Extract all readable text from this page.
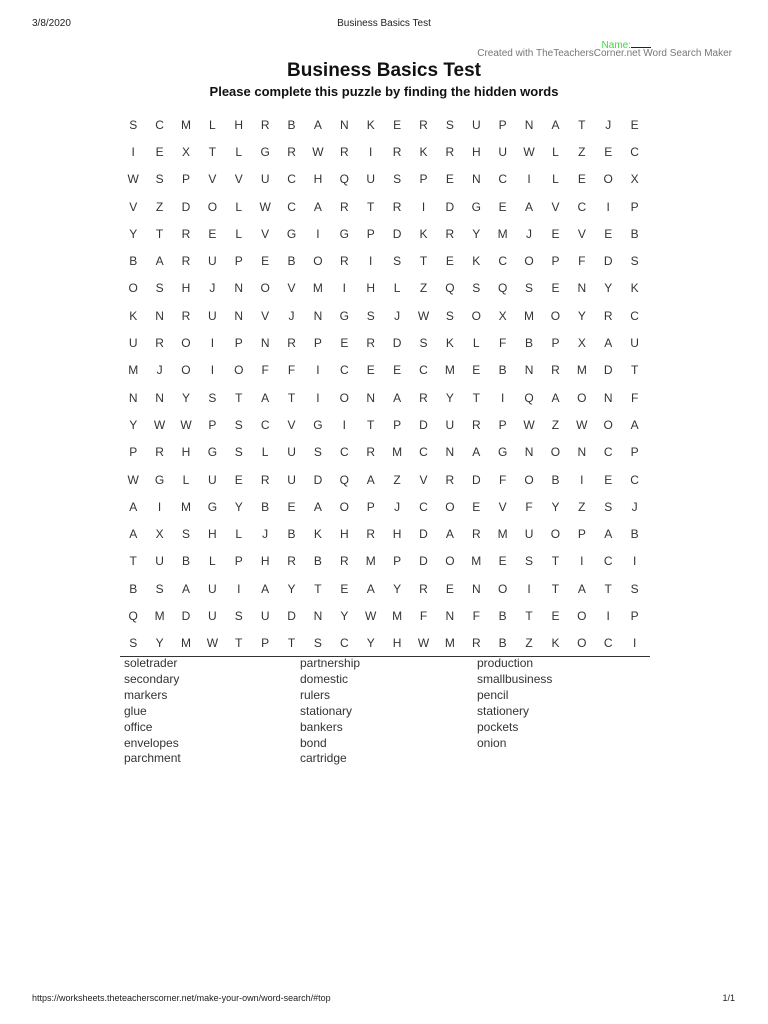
3/8/2020	Business Basics Test
Name:
Created with TheTeachersCorner.net Word Search Maker
Business Basics Test
Please complete this puzzle by finding the hidden words
S	C	M	L	H	R	B	A	N	K	E	R	S	U	P	N	A	T	J	E
I	E	X	T	L	G	R	W	R	I	R	K	R	H	U	W	L	Z	E	C
W	S	P	V	V	U	C	H	Q	U	S	P	E	N	C	I	L	E	O	X
V	Z	D	O	L	W	C	A	R	T	R	I	D	G	E	A	V	C	I	P
Y	T	R	E	L	V	G	I	G	P	D	K	R	Y	M	J	E	V	E	B
B	A	R	U	P	E	B	O	R	I	S	T	E	K	C	O	P	F	D	S
O	S	H	J	N	O	V	M	I	H	L	Z	Q	S	Q	S	E	N	Y	K
K	N	R	U	N	V	J	N	G	S	J	W	S	O	X	M	O	Y	R	C
U	R	O	I	P	N	R	P	E	R	D	S	K	L	F	B	P	X	A	U
M	J	O	I	O	F	F	I	C	E	E	C	M	E	B	N	R	M	D	T
N	N	Y	S	T	A	T	I	O	N	A	R	Y	T	I	Q	A	O	N	F
Y	W	W	P	S	C	V	G	I	T	P	D	U	R	P	W	Z	W	O	A
P	R	H	G	S	L	U	S	C	R	M	C	N	A	G	N	O	N	C	P
W	G	L	U	E	R	U	D	Q	A	Z	V	R	D	F	O	B	I	E	C
A	I	M	G	Y	B	E	A	O	P	J	C	O	E	V	F	Y	Z	S	J
A	X	S	H	L	J	B	K	H	R	H	D	A	R	M	U	O	P	A	B
T	U	B	L	P	H	R	B	R	M	P	D	O	M	E	S	T	I	C	I
B	S	A	U	I	A	Y	T	E	A	Y	R	E	N	O	I	T	A	T	S
Q	M	D	U	S	U	D	N	Y	W	M	F	N	F	B	T	E	O	I	P
S	Y	M	W	T	P	T	S	C	Y	H	W	M	R	B	Z	K	O	C	I
soletrader
secondary
markers
glue
office
envelopes
parchment
partnership
domestic
rulers
stationary
bankers
bond
cartridge
production
smallbusiness
pencil
stationery
pockets
onion
https://worksheets.theteacherscorner.net/make-your-own/word-search/#top	1/1
